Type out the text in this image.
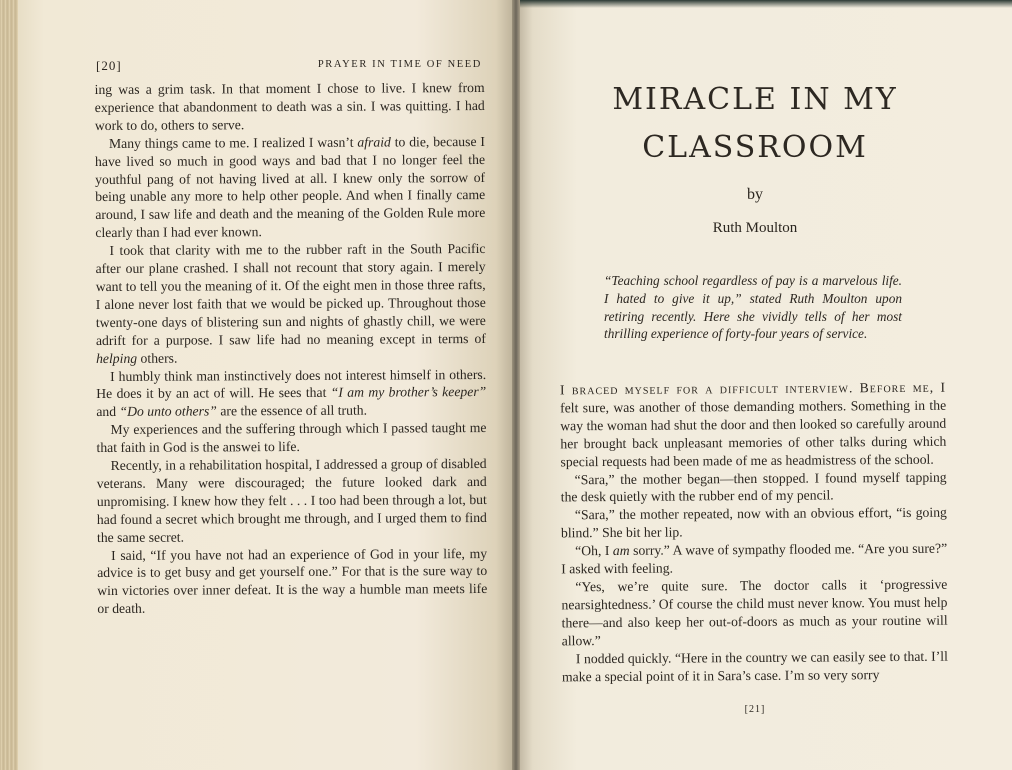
[20]	PRAYER IN TIME OF NEED

ing was a grim task. In that moment I chose to live. I knew from experience that abandonment to death was a sin. I was quitting. I had work to do, others to serve.

Many things came to me. I realized I wasn’t afraid to die, because I have lived so much in good ways and bad that I no longer feel the youthful pang of not having lived at all. I knew only the sorrow of being unable any more to help other people. And when I finally came around, I saw life and death and the meaning of the Golden Rule more clearly than I had ever known.

I took that clarity with me to the rubber raft in the South Pacific after our plane crashed. I shall not recount that story again. I merely want to tell you the meaning of it. Of the eight men in those three rafts, I alone never lost faith that we would be picked up. Throughout those twenty-one days of blistering sun and nights of ghastly chill, we were adrift for a purpose. I saw life had no meaning except in terms of helping others.

I humbly think man instinctively does not interest himself in others. He does it by an act of will. He sees that “I am my brother’s keeper” and “Do unto others” are the essence of all truth.

My experiences and the suffering through which I passed taught me that faith in God is the answei to life.

Recently, in a rehabilitation hospital, I addressed a group of disabled veterans. Many were discouraged; the future looked dark and unpromising. I knew how they felt . . . I too had been through a lot, but had found a secret which brought me through, and I urged them to find the same secret.

I said, “If you have not had an experience of God in your life, my advice is to get busy and get yourself one.” For that is the sure way to win victories over inner defeat. It is the way a humble man meets life or death.

MIRACLE IN MY
CLASSROOM
by
Ruth Moulton
“Teaching school regardless of pay is a marvelous life. I hated to give it up,” stated Ruth Moulton upon retiring recently. Here she vividly tells of her most thrilling experience of forty-four years of service.

I braced myself for a difficult interview. Before me, I felt sure, was another of those demanding mothers. Something in the way the woman had shut the door and then looked so carefully around her brought back unpleasant memories of other talks during which special requests had been made of me as headmistress of the school.

“Sara,” the mother began—then stopped. I found myself tapping the desk quietly with the rubber end of my pencil.

“Sara,” the mother repeated, now with an obvious effort, “is going blind.” She bit her lip.

“Oh, I am sorry.” A wave of sympathy flooded me. “Are you sure?” I asked with feeling.

“Yes, we’re quite sure. The doctor calls it ‘progressive nearsightedness.’ Of course the child must never know. You must help there—and also keep her out-of-doors as much as your routine will allow.”

I nodded quickly. “Here in the country we can easily see to that. I’ll make a special point of it in Sara’s case. I’m so very sorry

[21]
